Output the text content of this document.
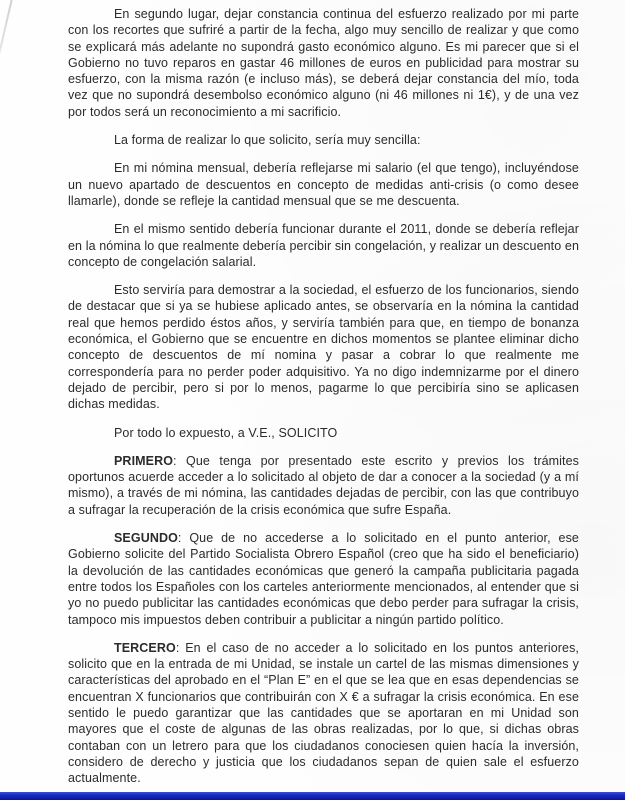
En segundo lugar, dejar constancia continua del esfuerzo realizado por mi parte con los recortes que sufriré a partir de la fecha, algo muy sencillo de realizar y que como se explicará más adelante no supondrá gasto económico alguno. Es mi parecer que si el Gobierno no tuvo reparos en gastar 46 millones de euros en publicidad para mostrar su esfuerzo, con la misma razón (e incluso más), se deberá dejar constancia del mío, toda vez que no supondrá desembolso económico alguno (ni 46 millones ni 1€), y de una vez por todos será un reconocimiento a mi sacrificio.

La forma de realizar lo que solicito, sería muy sencilla:

En mi nómina mensual, debería reflejarse mi salario (el que tengo), incluyéndose un nuevo apartado de descuentos en concepto de medidas anti-crisis (o como desee llamarle), donde se refleje la cantidad mensual que se me descuenta.

En el mismo sentido debería funcionar durante el 2011, donde se debería reflejar en la nómina lo que realmente debería percibir sin congelación, y realizar un descuento en concepto de congelación salarial.

Esto serviría para demostrar a la sociedad, el esfuerzo de los funcionarios, siendo de destacar que si ya se hubiese aplicado antes, se observaría en la nómina la cantidad real que hemos perdido éstos años, y serviría también para que, en tiempo de bonanza económica, el Gobierno que se encuentre en dichos momentos se plantee eliminar dicho concepto de descuentos de mí nomina y pasar a cobrar lo que realmente me correspondería para no perder poder adquisitivo. Ya no digo indemnizarme por el dinero dejado de percibir, pero si por lo menos, pagarme lo que percibiría sino se aplicasen dichas medidas.

Por todo lo expuesto, a V.E., SOLICITO

PRIMERO: Que tenga por presentado este escrito y previos los trámites oportunos acuerde acceder a lo solicitado al objeto de dar a conocer a la sociedad (y a mí mismo), a través de mi nómina, las cantidades dejadas de percibir, con las que contribuyo a sufragar la recuperación de la crisis económica que sufre España.

SEGUNDO: Que de no accederse a lo solicitado en el punto anterior, ese Gobierno solicite del Partido Socialista Obrero Español (creo que ha sido el beneficiario) la devolución de las cantidades económicas que generó la campaña publicitaria pagada entre todos los Españoles con los carteles anteriormente mencionados, al entender que si yo no puedo publicitar las cantidades económicas que debo perder para sufragar la crisis, tampoco mis impuestos deben contribuir a publicitar a ningún partido político.

TERCERO: En el caso de no acceder a lo solicitado en los puntos anteriores, solicito que en la entrada de mi Unidad, se instale un cartel de las mismas dimensiones y características del aprobado en el “Plan E” en el que se lea que en esas dependencias se encuentran X funcionarios que contribuirán con X € a sufragar la crisis económica. En ese sentido le puedo garantizar que las cantidades que se aportaran en mi Unidad son mayores que el coste de algunas de las obras realizadas, por lo que, si dichas obras contaban con un letrero para que los ciudadanos conociesen quien hacía la inversión, considero de derecho y justicia que los ciudadanos sepan de quien sale el esfuerzo actualmente.
